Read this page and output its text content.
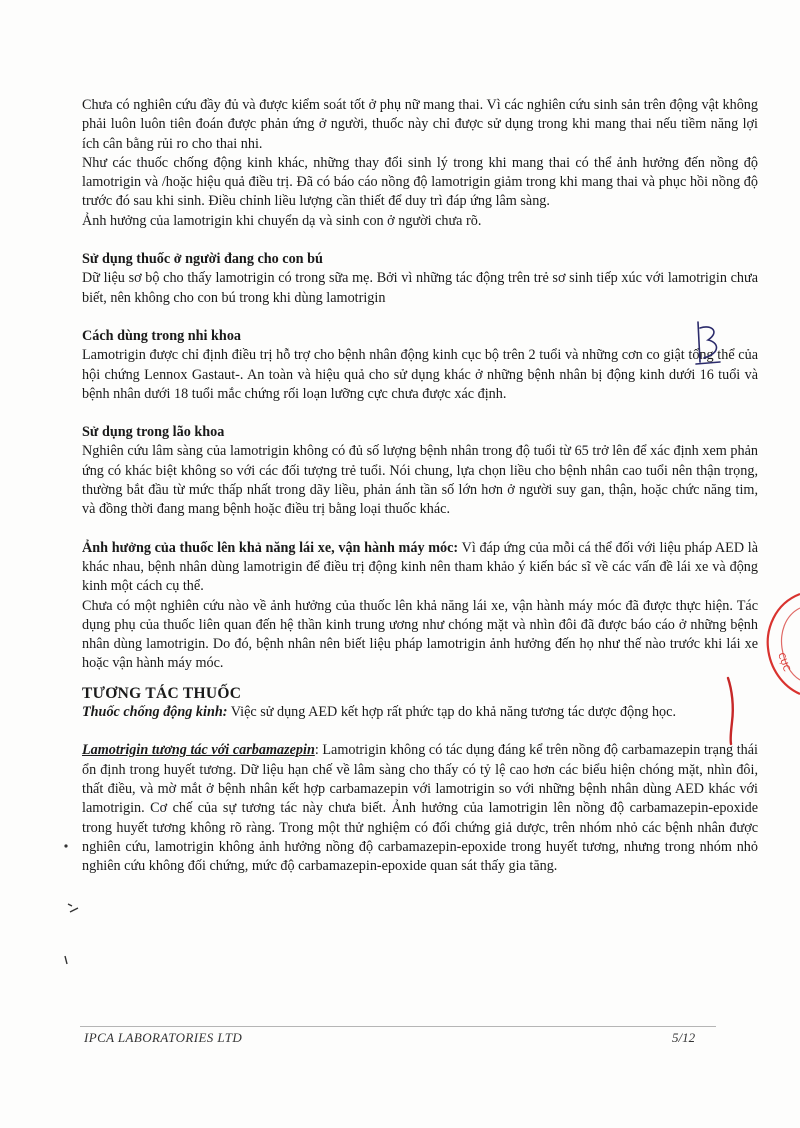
Chưa có nghiên cứu đầy đủ và được kiểm soát tốt ở phụ nữ mang thai. Vì các nghiên cứu sinh sản trên động vật không phải luôn luôn tiên đoán được phản ứng ở người, thuốc này chỉ được sử dụng trong khi mang thai nếu tiềm năng lợi ích cân bằng rủi ro cho thai nhi.

Như các thuốc chống động kinh khác, những thay đổi sinh lý trong khi mang thai có thể ảnh hưởng đến nồng độ lamotrigin và /hoặc hiệu quả điều trị. Đã có báo cáo nồng độ lamotrigin giảm trong khi mang thai và phục hồi nồng độ trước đó sau khi sinh. Điều chỉnh liều lượng cần thiết để duy trì đáp ứng lâm sàng.

Ảnh hưởng của lamotrigin khi chuyển dạ và sinh con ở người chưa rõ.

Sử dụng thuốc ở người đang cho con bú

Dữ liệu sơ bộ cho thấy lamotrigin có trong sữa mẹ. Bởi vì những tác động trên trẻ sơ sinh tiếp xúc với lamotrigin chưa biết, nên không cho con bú trong khi dùng lamotrigin

Cách dùng trong nhi khoa

Lamotrigin được chỉ định điều trị hỗ trợ cho bệnh nhân động kinh cục bộ trên 2 tuổi và những cơn co giật tổng thể của hội chứng Lennox Gastaut-. An toàn và hiệu quả cho sử dụng khác ở những bệnh nhân bị động kinh dưới 16 tuổi và bệnh nhân dưới 18 tuổi mắc chứng rối loạn lưỡng cực chưa được xác định.

Sử dụng trong lão khoa

Nghiên cứu lâm sàng của lamotrigin không có đủ số lượng bệnh nhân trong độ tuổi từ 65 trở lên để xác định xem phản ứng có khác biệt không so với các đối tượng trẻ tuổi. Nói chung, lựa chọn liều cho bệnh nhân cao tuổi nên thận trọng, thường bắt đầu từ mức thấp nhất trong dãy liều, phản ánh tần số lớn hơn ở người suy gan, thận, hoặc chức năng tim, và đồng thời đang mang bệnh hoặc điều trị bằng loại thuốc khác.

Ảnh hưởng của thuốc lên khả năng lái xe, vận hành máy móc: Vì đáp ứng của mỗi cá thể đối với liệu pháp AED là khác nhau, bệnh nhân dùng lamotrigin để điều trị động kinh nên tham khảo ý kiến bác sĩ về các vấn đề lái xe và động kinh một cách cụ thể.

Chưa có một nghiên cứu nào về ảnh hưởng của thuốc lên khả năng lái xe, vận hành máy móc đã được thực hiện. Tác dụng phụ của thuốc liên quan đến hệ thần kinh trung ương như chóng mặt và nhìn đôi đã được báo cáo ở những bệnh nhân dùng lamotrigin. Do đó, bệnh nhân nên biết liệu pháp lamotrigin ảnh hưởng đến họ như thế nào trước khi lái xe hoặc vận hành máy móc.

TƯƠNG TÁC THUỐC

Thuốc chống động kinh: Việc sử dụng AED kết hợp rất phức tạp do khả năng tương tác dược động học.

Lamotrigin tương tác với carbamazepin: Lamotrigin không có tác dụng đáng kể trên nồng độ carbamazepin trạng thái ổn định trong huyết tương. Dữ liệu hạn chế về lâm sàng cho thấy có tỷ lệ cao hơn các biểu hiện chóng mặt, nhìn đôi, thất điều, và mờ mắt ở bệnh nhân kết hợp carbamazepin với lamotrigin so với những bệnh nhân dùng AED khác với lamotrigin. Cơ chế của sự tương tác này chưa biết. Ảnh hưởng của lamotrigin lên nồng độ carbamazepin-epoxide trong huyết tương không rõ ràng. Trong một thử nghiệm có đối chứng giả dược, trên nhóm nhỏ các bệnh nhân được nghiên cứu, lamotrigin không ảnh hưởng nồng độ carbamazepin-epoxide trong huyết tương, nhưng trong nhóm nhỏ nghiên cứu không đối chứng, mức độ carbamazepin-epoxide quan sát thấy gia tăng.

CỤC
IPCA LABORATORIES LTD	5/12
